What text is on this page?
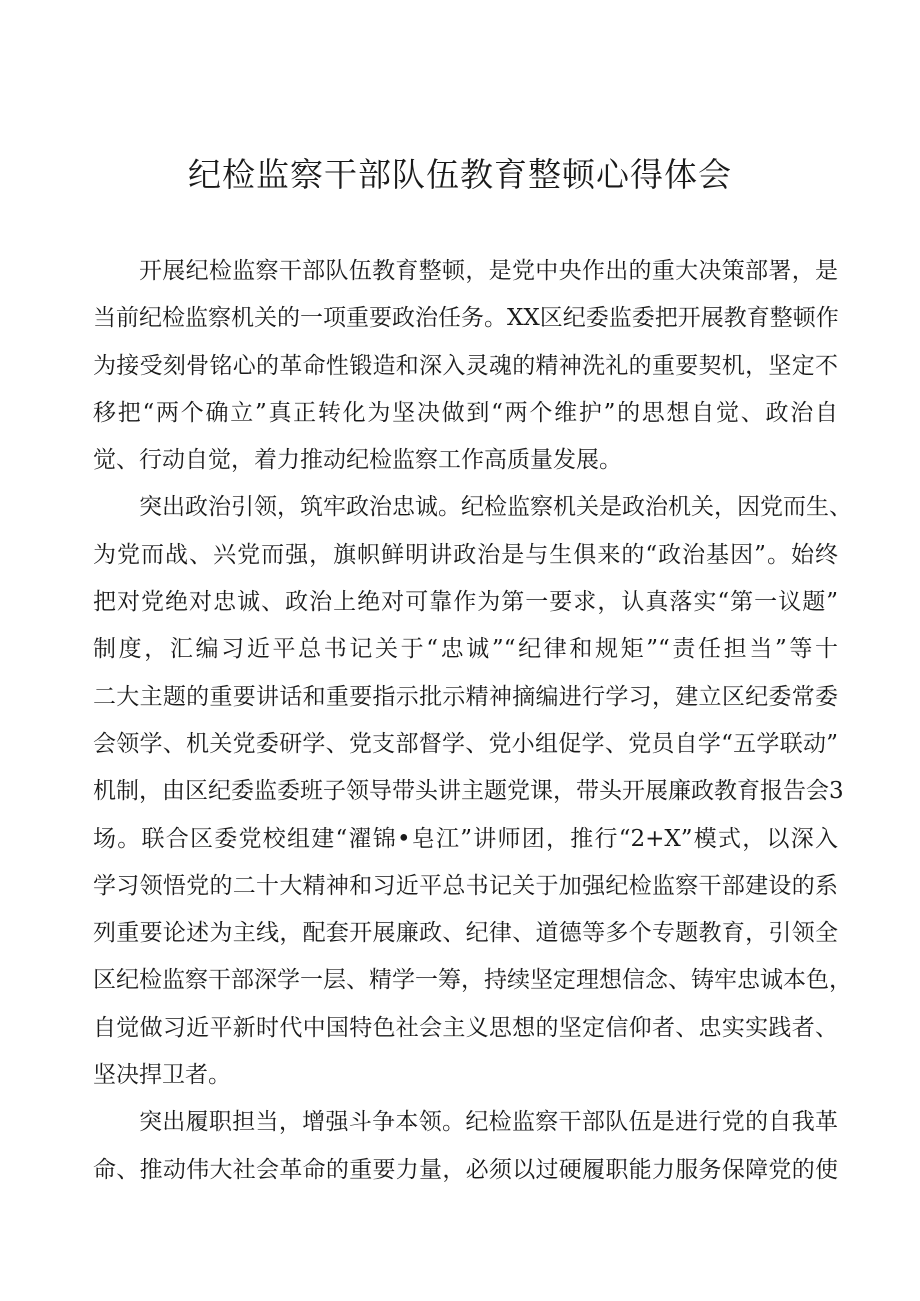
纪检监察干部队伍教育整顿心得体会
开展纪检监察干部队伍教育整顿，是党中央作出的重大决策部署，是
当前纪检监察机关的一项重要政治任务。XX区纪委监委把开展教育整顿作
为接受刻骨铭心的革命性锻造和深入灵魂的精神洗礼的重要契机，坚定不
移把“两个确立”真正转化为坚决做到“两个维护”的思想自觉、政治自
觉、行动自觉，着力推动纪检监察工作高质量发展。
突出政治引领，筑牢政治忠诚。纪检监察机关是政治机关，因党而生、
为党而战、兴党而强，旗帜鲜明讲政治是与生俱来的“政治基因”。始终
把对党绝对忠诚、政治上绝对可靠作为第一要求，认真落实“第一议题”
制度，汇编习近平总书记关于“忠诚”“纪律和规矩”“责任担当”等十
二大主题的重要讲话和重要指示批示精神摘编进行学习，建立区纪委常委
会领学、机关党委研学、党支部督学、党小组促学、党员自学“五学联动”
机制，由区纪委监委班子领导带头讲主题党课，带头开展廉政教育报告会3
场。联合区委党校组建“濯锦•皂江”讲师团，推行“2+X”模式，以深入
学习领悟党的二十大精神和习近平总书记关于加强纪检监察干部建设的系
列重要论述为主线，配套开展廉政、纪律、道德等多个专题教育，引领全
区纪检监察干部深学一层、精学一筹，持续坚定理想信念、铸牢忠诚本色，
自觉做习近平新时代中国特色社会主义思想的坚定信仰者、忠实实践者、
坚决捍卫者。
突出履职担当，增强斗争本领。纪检监察干部队伍是进行党的自我革
命、推动伟大社会革命的重要力量，必须以过硬履职能力服务保障党的使
